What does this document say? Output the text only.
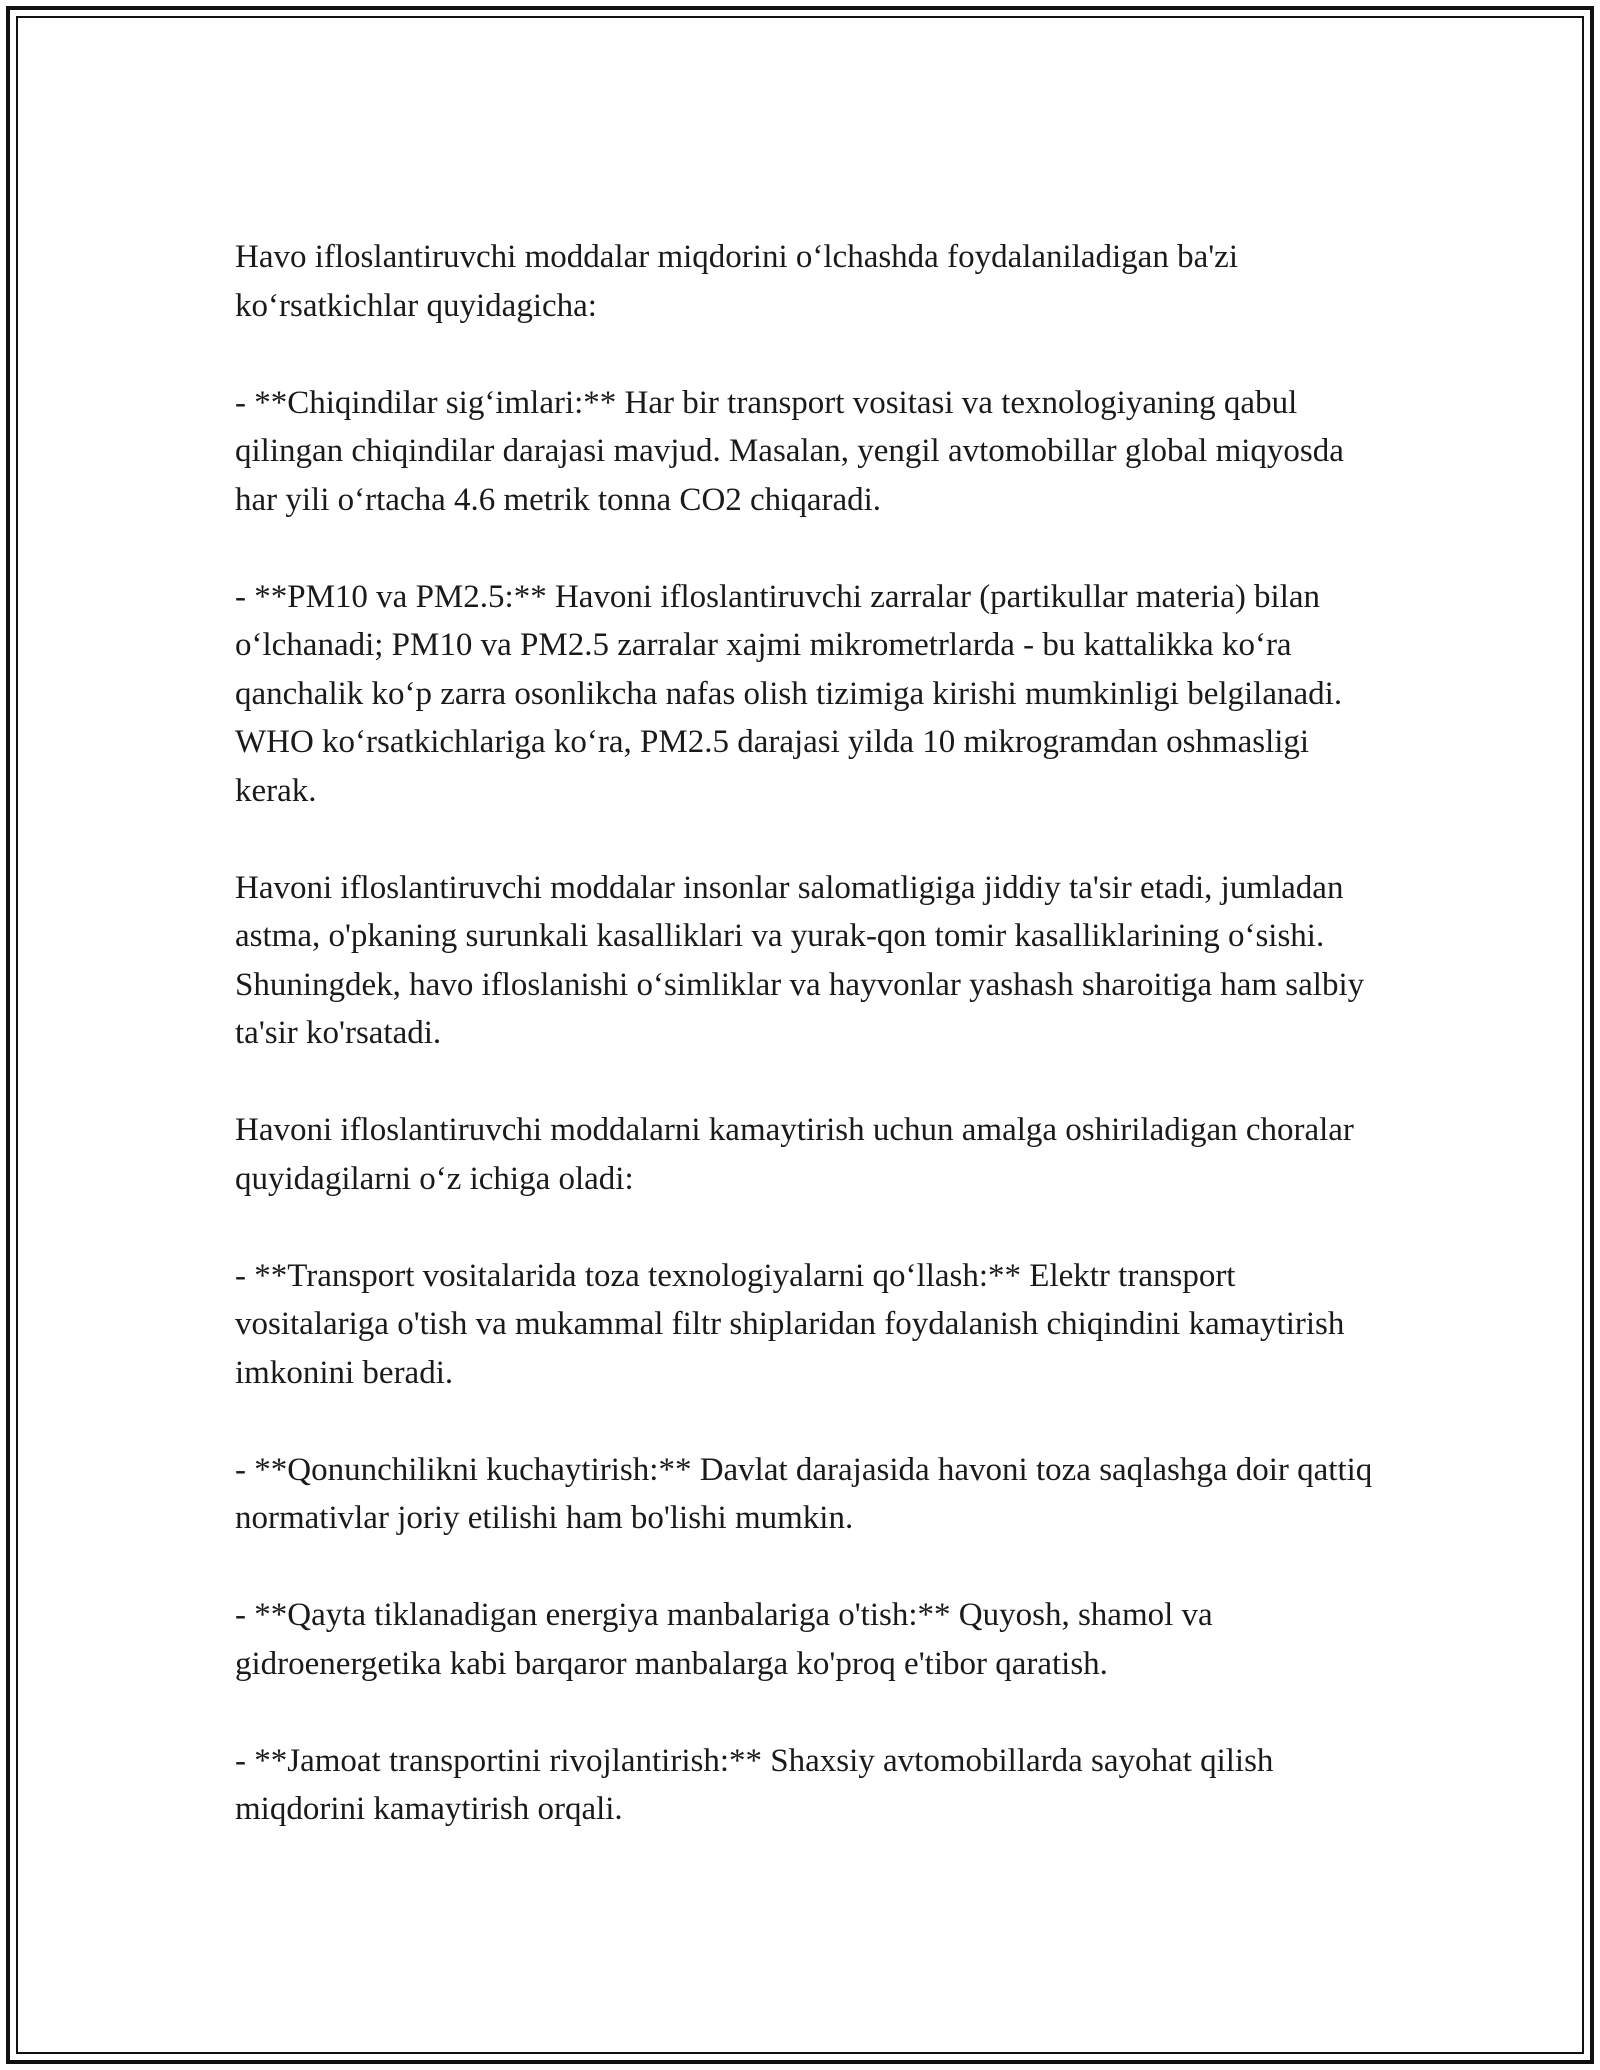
Havo ifloslantiruvchi moddalar miqdorini o‘lchashda foydalaniladigan ba'zi ko‘rsatkichlar quyidagicha:

- **Chiqindilar sig‘imlari:** Har bir transport vositasi va texnologiyaning qabul qilingan chiqindilar darajasi mavjud. Masalan, yengil avtomobillar global miqyosda har yili o‘rtacha 4.6 metrik tonna CO2 chiqaradi.

- **PM10 va PM2.5:** Havoni ifloslantiruvchi zarralar (partikullar materia) bilan o‘lchanadi; PM10 va PM2.5 zarralar xajmi mikrometrlarda - bu kattalikka ko‘ra qanchalik ko‘p zarra osonlikcha nafas olish tizimiga kirishi mumkinligi belgilanadi. WHO ko‘rsatkichlariga ko‘ra, PM2.5 darajasi yilda 10 mikrogramdan oshmasligi kerak.

Havoni ifloslantiruvchi moddalar insonlar salomatligiga jiddiy ta'sir etadi, jumladan astma, o'pkaning surunkali kasalliklari va yurak-qon tomir kasalliklarining o‘sishi. Shuningdek, havo ifloslanishi o‘simliklar va hayvonlar yashash sharoitiga ham salbiy ta'sir ko'rsatadi.

Havoni ifloslantiruvchi moddalarni kamaytirish uchun amalga oshiriladigan choralar quyidagilarni o‘z ichiga oladi:

- **Transport vositalarida toza texnologiyalarni qo‘llash:** Elektr transport vositalariga o'tish va mukammal filtr shiplaridan foydalanish chiqindini kamaytirish imkonini beradi.

- **Qonunchilikni kuchaytirish:** Davlat darajasida havoni toza saqlashga doir qattiq normativlar joriy etilishi ham bo'lishi mumkin.

- **Qayta tiklanadigan energiya manbalariga o'tish:** Quyosh, shamol va gidroenergetika kabi barqaror manbalarga ko'proq e'tibor qaratish.

- **Jamoat transportini rivojlantirish:** Shaxsiy avtomobillarda sayohat qilish miqdorini kamaytirish orqali.
